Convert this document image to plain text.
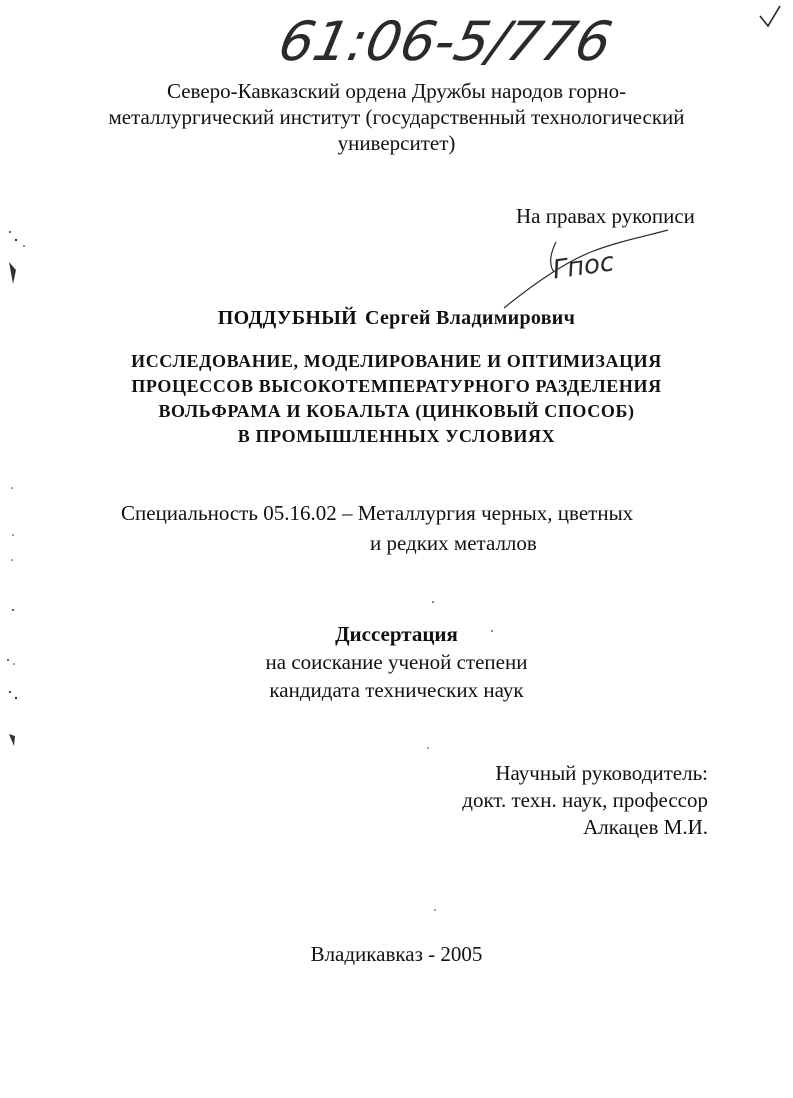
61:06-5/776
Северо-Кавказский ордена Дружбы народов горно-
металлургический институт (государственный технологический
университет)
На правах рукописи
Гпос
ПОДДУБНЫЙ Сергей Владимирович
ИССЛЕДОВАНИЕ, МОДЕЛИРОВАНИЕ И ОПТИМИЗАЦИЯ
ПРОЦЕССОВ ВЫСОКОТЕМПЕРАТУРНОГО РАЗДЕЛЕНИЯ
ВОЛЬФРАМА И КОБАЛЬТА (ЦИНКОВЫЙ СПОСОБ)
В ПРОМЫШЛЕННЫХ УСЛОВИЯХ
Специальность 05.16.02 – Металлургия черных, цветных
и редких металлов
Диссертация
на соискание ученой степени
кандидата технических наук
Научный руководитель:
докт. техн. наук, профессор
Алкацев М.И.
Владикавказ - 2005
